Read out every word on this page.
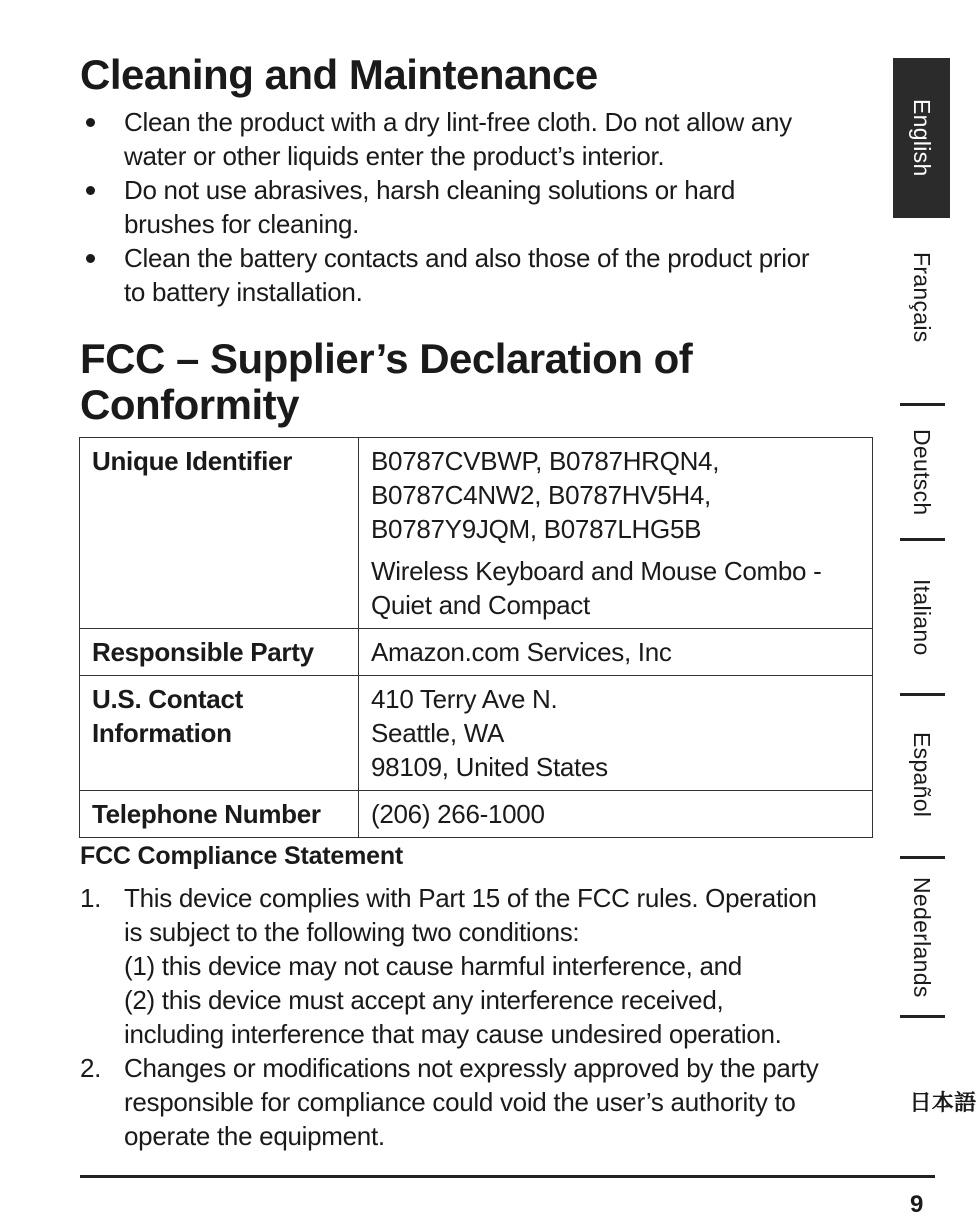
Cleaning and Maintenance
Clean the product with a dry lint-free cloth. Do not allow any
water or other liquids enter the product’s interior.
Do not use abrasives, harsh cleaning solutions or hard
brushes for cleaning.
Clean the battery contacts and also those of the product prior
to battery installation.
FCC – Supplier’s Declaration of
Conformity
Unique Identifier	B0787CVBWP, B0787HRQN4,
B0787C4NW2, B0787HV5H4,
B0787Y9JQM, B0787LHG5B
Wireless Keyboard and Mouse Combo -
Quiet and Compact

Responsible Party	Amazon.com Services, Inc

U.S. Contact
Information	410 Terry Ave N.
Seattle, WA
98109, United States

Telephone Number	(206) 266-1000
FCC Compliance Statement
1. This device complies with Part 15 of the FCC rules. Operation
is subject to the following two conditions:
(1) this device may not cause harmful interference, and
(2) this device must accept any interference received,
including interference that may cause undesired operation.
2. Changes or modifications not expressly approved by the party
responsible for compliance could void the user’s authority to
operate the equipment.
9
English
Français
Deutsch
Italiano
Español
Nederlands
日本語
